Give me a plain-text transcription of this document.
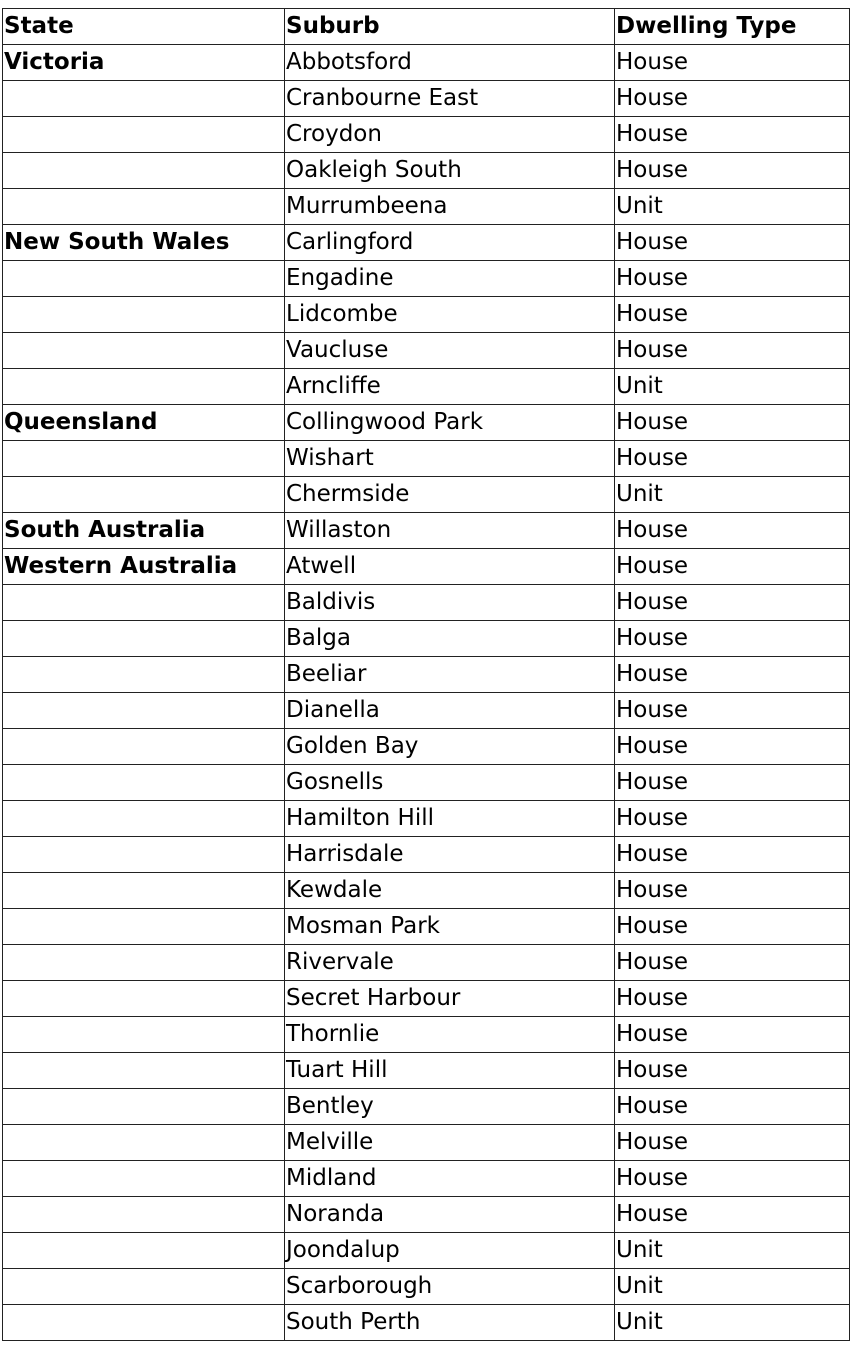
State	Suburb	Dwelling Type
Victoria	Abbotsford	House
	Cranbourne East	House
	Croydon	House
	Oakleigh South	House
	Murrumbeena	Unit
New South Wales	Carlingford	House
	Engadine	House
	Lidcombe	House
	Vaucluse	House
	Arncliffe	Unit
Queensland	Collingwood Park	House
	Wishart	House
	Chermside	Unit
South Australia	Willaston	House
Western Australia	Atwell	House
	Baldivis	House
	Balga	House
	Beeliar	House
	Dianella	House
	Golden Bay	House
	Gosnells	House
	Hamilton Hill	House
	Harrisdale	House
	Kewdale	House
	Mosman Park	House
	Rivervale	House
	Secret Harbour	House
	Thornlie	House
	Tuart Hill	House
	Bentley	House
	Melville	House
	Midland	House
	Noranda	House
	Joondalup	Unit
	Scarborough	Unit
	South Perth	Unit
